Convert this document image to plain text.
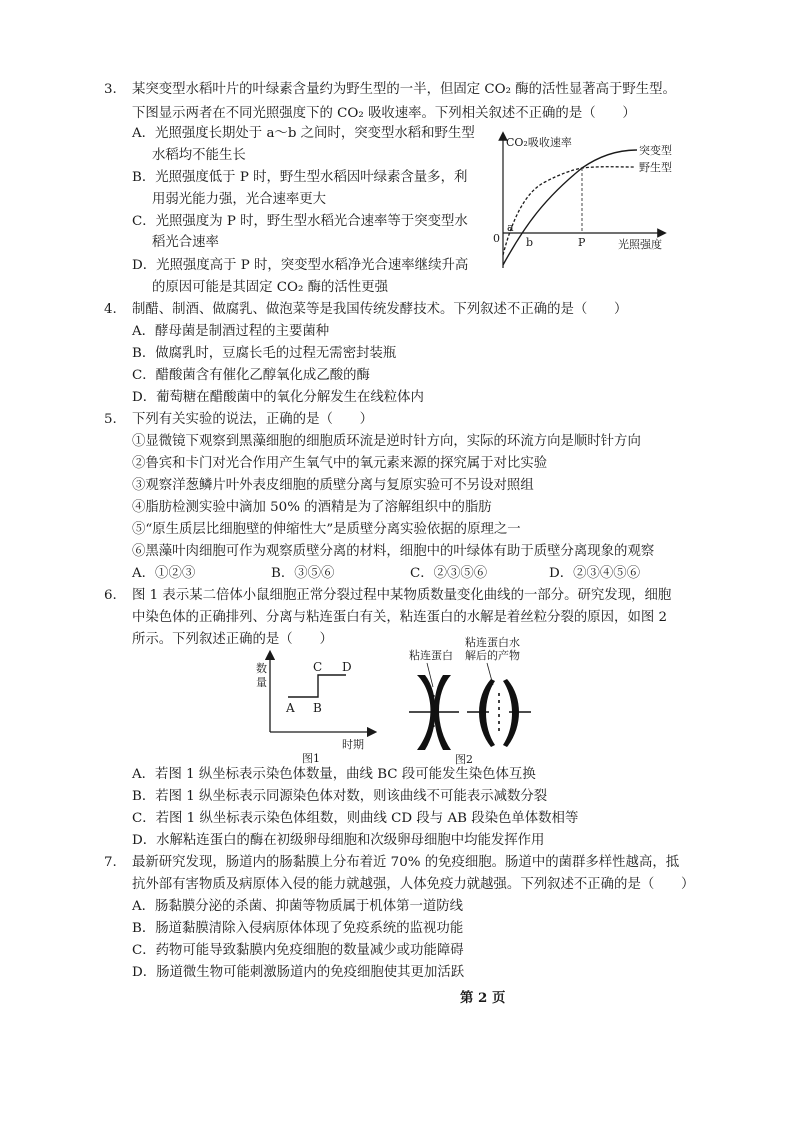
3. 某突变型水稻叶片的叶绿素含量约为野生型的一半，但固定 CO₂ 酶的活性显著高于野生型。
下图显示两者在不同光照强度下的 CO₂ 吸收速率。下列相关叙述不正确的是（　　）
A．光照强度长期处于 a～b 之间时，突变型水稻和野生型
水稻均不能生长
B．光照强度低于 P 时，野生型水稻因叶绿素含量多，利
用弱光能力强，光合速率更大
C．光照强度为 P 时，野生型水稻光合速率等于突变型水
稻光合速率
D．光照强度高于 P 时，突变型水稻净光合速率继续升高
的原因可能是其固定 CO₂ 酶的活性更强
CO₂吸收速率
光照强度
0
a
b	P
突变型
野生型
4. 制醋、制酒、做腐乳、做泡菜等是我国传统发酵技术。下列叙述不正确的是（　　）
A．酵母菌是制酒过程的主要菌种
B．做腐乳时，豆腐长毛的过程无需密封装瓶
C．醋酸菌含有催化乙醇氧化成乙酸的酶
D．葡萄糖在醋酸菌中的氧化分解发生在线粒体内
5. 下列有关实验的说法，正确的是（　　）
①显微镜下观察到黑藻细胞的细胞质环流是逆时针方向，实际的环流方向是顺时针方向
②鲁宾和卡门对光合作用产生氧气中的氧元素来源的探究属于对比实验
③观察洋葱鳞片叶外表皮细胞的质壁分离与复原实验可不另设对照组
④脂肪检测实验中滴加 50% 的酒精是为了溶解组织中的脂肪
⑤“原生质层比细胞壁的伸缩性大”是质壁分离实验依据的原理之一
⑥黑藻叶肉细胞可作为观察质壁分离的材料，细胞中的叶绿体有助于质壁分离现象的观察
A．①②③	B．③⑤⑥	C．②③⑤⑥	D．②③④⑤⑥
6. 图 1 表示某二倍体小鼠细胞正常分裂过程中某物质数量变化曲线的一部分。研究发现，细胞
中染色体的正确排列、分离与粘连蛋白有关，粘连蛋白的水解是着丝粒分裂的原因，如图 2
所示。下列叙述正确的是（　　）
数
量
时期
A B
C D
图1
粘连蛋白
粘连蛋白水
解后的产物
图2
A．若图 1 纵坐标表示染色体数量，曲线 BC 段可能发生染色体互换
B．若图 1 纵坐标表示同源染色体对数，则该曲线不可能表示减数分裂
C．若图 1 纵坐标表示染色体组数，则曲线 CD 段与 AB 段染色单体数相等
D．水解粘连蛋白的酶在初级卵母细胞和次级卵母细胞中均能发挥作用
7. 最新研究发现，肠道内的肠黏膜上分布着近 70% 的免疫细胞。肠道中的菌群多样性越高，抵
抗外部有害物质及病原体入侵的能力就越强，人体免疫力就越强。下列叙述不正确的是（　　）
A．肠黏膜分泌的杀菌、抑菌等物质属于机体第一道防线
B．肠道黏膜清除入侵病原体体现了免疫系统的监视功能
C．药物可能导致黏膜内免疫细胞的数量减少或功能障碍
D．肠道微生物可能刺激肠道内的免疫细胞使其更加活跃
第 2 页
